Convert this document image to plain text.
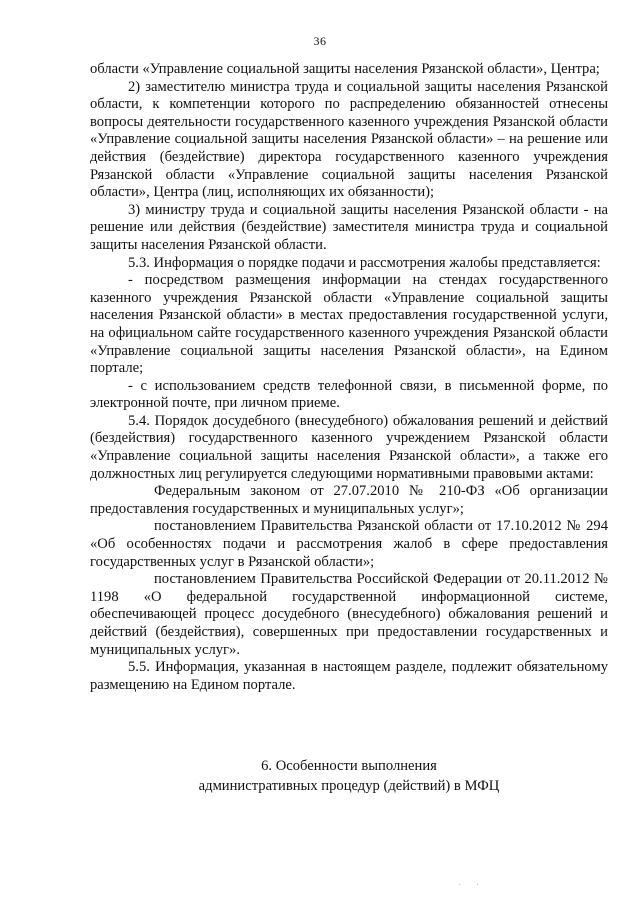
36

области «Управление социальной защиты населения Рязанской области», Центра;

2) заместителю министра труда и социальной защиты населения Рязанской области, к компетенции которого по распределению обязанностей отнесены вопросы деятельности государственного казенного учреждения Рязанской области «Управление социальной защиты населения Рязанской области» – на решение или действия (бездействие) директора государственного казенного учреждения Рязанской области «Управление социальной защиты населения Рязанской области», Центра (лиц, исполняющих их обязанности);

3) министру труда и социальной защиты населения Рязанской области - на решение или действия (бездействие) заместителя министра труда и социальной защиты населения Рязанской области.

5.3. Информация о порядке подачи и рассмотрения жалобы представляется:

- посредством размещения информации на стендах государственного казенного учреждения Рязанской области «Управление социальной защиты населения Рязанской области» в местах предоставления государственной услуги, на официальном сайте государственного казенного учреждения Рязанской области «Управление социальной защиты населения Рязанской области», на Едином портале;

- с использованием средств телефонной связи, в письменной форме, по электронной почте, при личном приеме.

5.4. Порядок досудебного (внесудебного) обжалования решений и действий (бездействия) государственного казенного учреждением Рязанской области «Управление социальной защиты населения Рязанской области», а также его должностных лиц регулируется следующими нормативными правовыми актами:

Федеральным законом от 27.07.2010 № 210-ФЗ «Об организации предоставления государственных и муниципальных услуг»;

постановлением Правительства Рязанской области от 17.10.2012 № 294 «Об особенностях подачи и рассмотрения жалоб в сфере предоставления государственных услуг в Рязанской области»;

постановлением Правительства Российской Федерации от 20.11.2012 № 1198 «О федеральной государственной информационной системе, обеспечивающей процесс досудебного (внесудебного) обжалования решений и действий (бездействия), совершенных при предоставлении государственных и муниципальных услуг».

5.5. Информация, указанная в настоящем разделе, подлежит обязательному размещению на Едином портале.

6. Особенности выполнения
административных процедур (действий) в МФЦ
· ·
